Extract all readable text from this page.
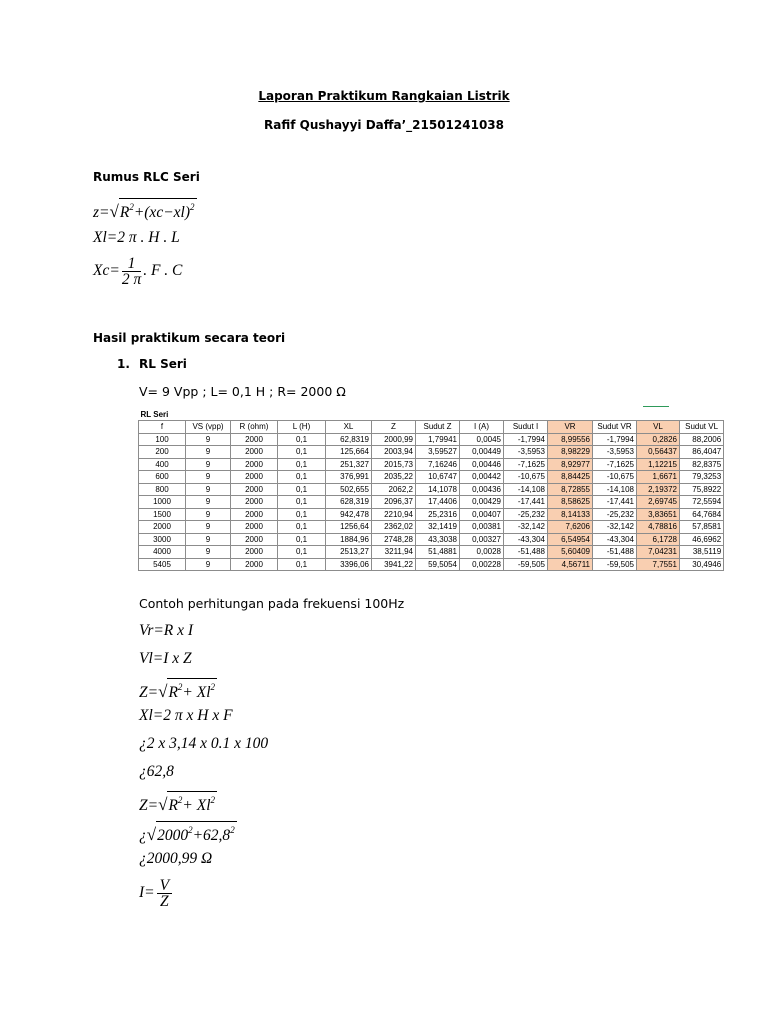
Laporan Praktikum Rangkaian Listrik
Rafif Qushayyi Daffa’_21501241038
Rumus RLC Seri
$z=√R^2+(xc-xl)^2$
Xl=2 π . H . L
$Xc= \frac{1}{2 \pi}$ . F . C
Hasil praktikum secara teori
1. RL Seri
V= 9 Vpp ; L= 0,1 H ; R= 2000 Ω
RL Seri												
f	VS (vpp)	R (ohm)	L (H)	XL	Z	Sudut Z	I (A)	Sudut I	VR	Sudut VR	VL	Sudut VL
100	9	2000	0,1	62,8319	2000,99	1,79941	0,0045	-1,7994	8,99556	-1,7994	0,2826	88,2006
200	9	2000	0,1	125,664	2003,94	3,59527	0,00449	-3,5953	8,98229	-3,5953	0,56437	86,4047
400	9	2000	0,1	251,327	2015,73	7,16246	0,00446	-7,1625	8,92977	-7,1625	1,12215	82,8375
600	9	2000	0,1	376,991	2035,22	10,6747	0,00442	-10,675	8,84425	-10,675	1,6671	79,3253
800	9	2000	0,1	502,655	2062,2	14,1078	0,00436	-14,108	8,72855	-14,108	2,19372	75,8922
1000	9	2000	0,1	628,319	2096,37	17,4406	0,00429	-17,441	8,58625	-17,441	2,69745	72,5594
1500	9	2000	0,1	942,478	2210,94	25,2316	0,00407	-25,232	8,14133	-25,232	3,83651	64,7684
2000	9	2000	0,1	1256,64	2362,02	32,1419	0,00381	-32,142	7,6206	-32,142	4,78816	57,8581
3000	9	2000	0,1	1884,96	2748,28	43,3038	0,00327	-43,304	6,54954	-43,304	6,1728	46,6962
4000	9	2000	0,1	2513,27	3211,94	51,4881	0,0028	-51,488	5,60409	-51,488	7,04231	38,5119
5405	9	2000	0,1	3396,06	3941,22	59,5054	0,00228	-59,505	4,56711	-59,505	7,7551	30,4946
Contoh perhitungan pada frekuensi 100Hz
Vr=R x I
Vl=I x Z
$Z=√R^2+ Xl^2$
Xl=2 π x H x F
¿2 x 3,14 x 0.1 x 100
¿62,8
$Z=√R^2+ Xl^2$
¿$√2000^2+62,8^2$
¿2000,99 Ω
$I= \frac{V}{Z}$
